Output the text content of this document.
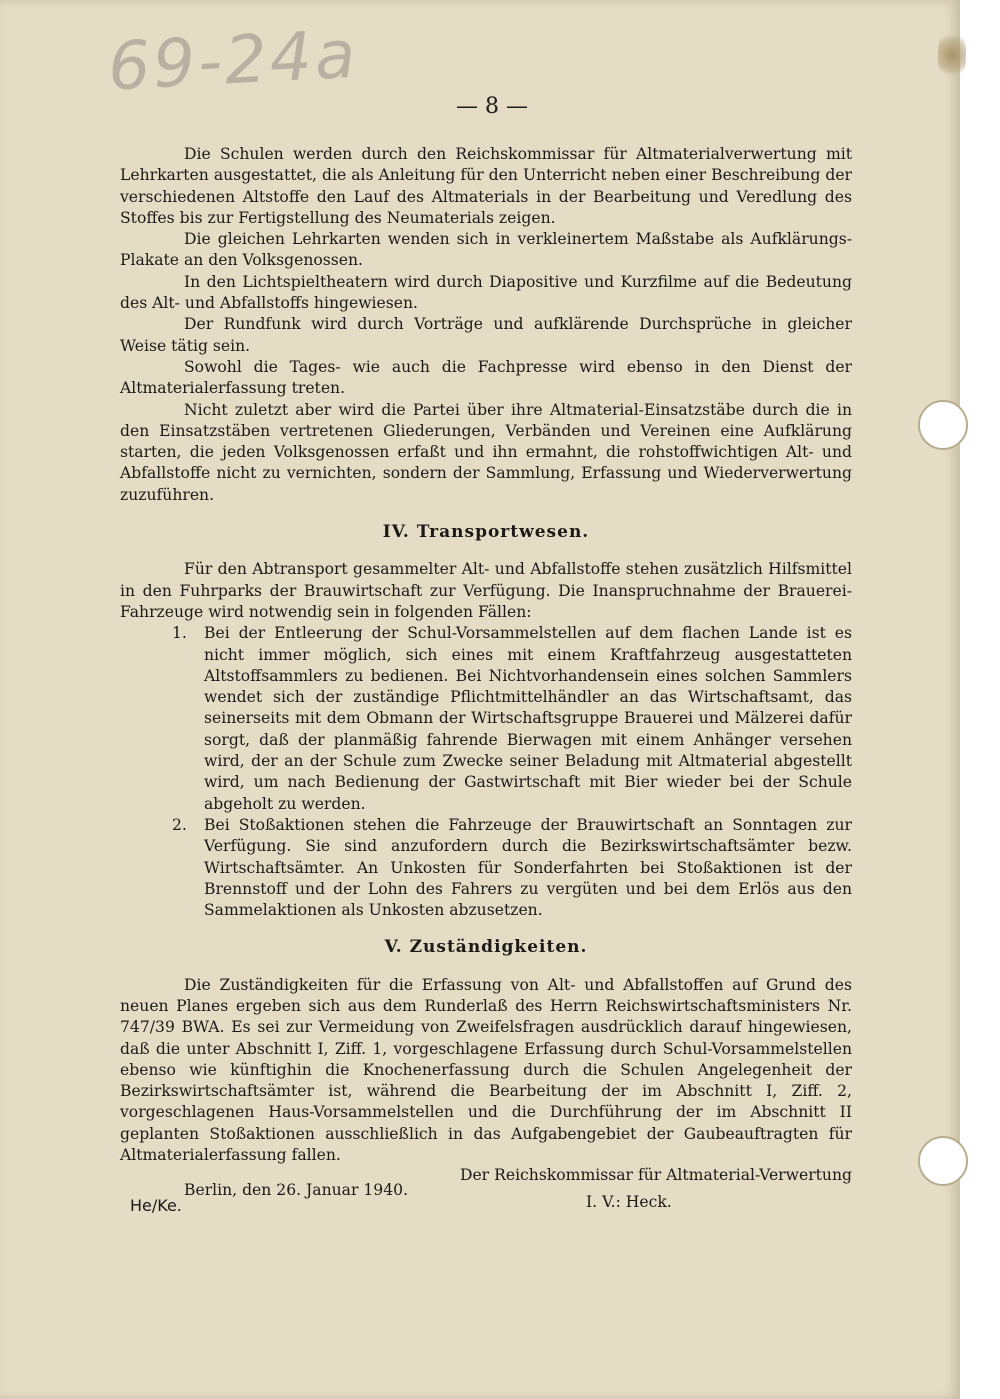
69-24a
— 8 —

Die Schulen werden durch den Reichskommissar für Altmaterialverwertung mit Lehrkarten ausgestattet, die als Anleitung für den Unterricht neben einer Beschreibung der verschiedenen Altstoffe den Lauf des Altmaterials in der Bearbeitung und Veredlung des Stoffes bis zur Fertigstellung des Neumaterials zeigen.

Die gleichen Lehrkarten wenden sich in verkleinertem Maßstabe als Aufklärungs-Plakate an den Volksgenossen.

In den Lichtspieltheatern wird durch Diapositive und Kurzfilme auf die Bedeutung des Alt- und Abfallstoffs hingewiesen.

Der Rundfunk wird durch Vorträge und aufklärende Durchsprüche in gleicher Weise tätig sein.

Sowohl die Tages- wie auch die Fachpresse wird ebenso in den Dienst der Altmaterialerfassung treten.

Nicht zuletzt aber wird die Partei über ihre Altmaterial-Einsatzstäbe durch die in den Einsatzstäben vertretenen Gliederungen, Verbänden und Vereinen eine Aufklärung starten, die jeden Volksgenossen erfaßt und ihn ermahnt, die rohstoffwichtigen Alt- und Abfallstoffe nicht zu vernichten, sondern der Sammlung, Erfassung und Wiederverwertung zuzuführen.

IV. Transportwesen.

Für den Abtransport gesammelter Alt- und Abfallstoffe stehen zusätzlich Hilfsmittel in den Fuhrparks der Brauwirtschaft zur Verfügung. Die Inanspruchnahme der Brauerei-Fahrzeuge wird notwendig sein in folgenden Fällen:

1.	Bei der Entleerung der Schul-Vorsammelstellen auf dem flachen Lande ist es nicht immer möglich, sich eines mit einem Kraftfahrzeug ausgestatteten Altstoffsammlers zu bedienen. Bei Nichtvorhandensein eines solchen Sammlers wendet sich der zuständige Pflichtmittelhändler an das Wirtschaftsamt, das seinerseits mit dem Obmann der Wirtschaftsgruppe Brauerei und Mälzerei dafür sorgt, daß der planmäßig fahrende Bierwagen mit einem Anhänger versehen wird, der an der Schule zum Zwecke seiner Beladung mit Altmaterial abgestellt wird, um nach Bedienung der Gastwirtschaft mit Bier wieder bei der Schule abgeholt zu werden.
2.	Bei Stoßaktionen stehen die Fahrzeuge der Brauwirtschaft an Sonntagen zur Verfügung. Sie sind anzufordern durch die Bezirkswirtschaftsämter bezw. Wirtschaftsämter. An Unkosten für Sonderfahrten bei Stoßaktionen ist der Brennstoff und der Lohn des Fahrers zu vergüten und bei dem Erlös aus den Sammelaktionen als Unkosten abzusetzen.
V. Zuständigkeiten.

Die Zuständigkeiten für die Erfassung von Alt- und Abfallstoffen auf Grund des neuen Planes ergeben sich aus dem Runderlaß des Herrn Reichswirtschaftsministers Nr. 747/39 BWA. Es sei zur Vermeidung von Zweifelsfragen ausdrücklich darauf hingewiesen, daß die unter Abschnitt I, Ziff. 1, vorgeschlagene Erfassung durch Schul-Vorsammelstellen ebenso wie künftighin die Knochenerfassung durch die Schulen Angelegenheit der Bezirkswirtschaftsämter ist, während die Bearbeitung der im Abschnitt I, Ziff. 2, vorgeschlagenen Haus-Vorsammelstellen und die Durchführung der im Abschnitt II geplanten Stoßaktionen ausschließlich in das Aufgabengebiet der Gaubeauftragten für Altmaterialerfassung fallen.

Berlin, den 26. Januar 1940.

Der Reichskommissar für Altmaterial-Verwertung
I. V.: Heck.
He/Ke.
